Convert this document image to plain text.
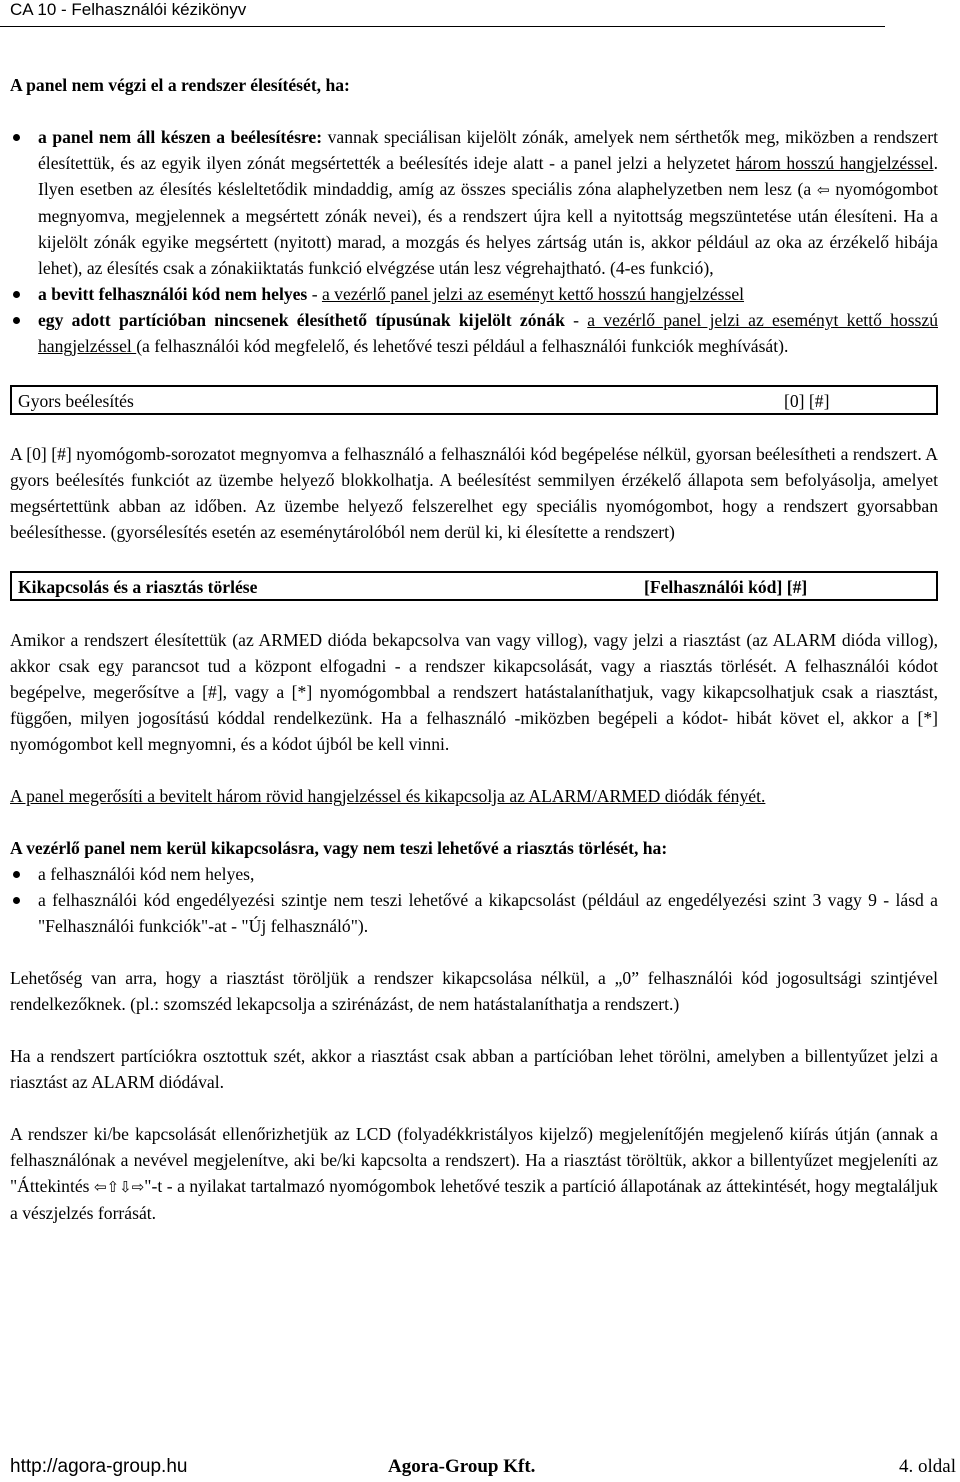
CA 10 - Felhasználói kézikönyv

A panel nem végzi el a rendszer élesítését, ha:

a panel nem áll készen a beélesítésre: vannak speciálisan kijelölt zónák, amelyek nem sérthetők meg, miközben a rendszert élesítettük, és az egyik ilyen zónát megsértették a beélesítés ideje alatt - a panel jelzi a helyzetet három hosszú hangjelzéssel. Ilyen esetben az élesítés késleltetődik mindaddig, amíg az összes speciális zóna alaphelyzetben nem lesz (a ⇦ nyomógombot megnyomva, megjelennek a megsértett zónák nevei), és a rendszert újra kell a nyitottság megszüntetése után élesíteni. Ha a kijelölt zónák egyike megsértett (nyitott) marad, a mozgás és helyes zártság után is, akkor például az oka az érzékelő hibája lehet), az élesítés csak a zónakiiktatás funkció elvégzése után lesz végrehajtható. (4-es funkció),
a bevitt felhasználói kód nem helyes - a vezérlő panel jelzi az eseményt kettő hosszú hangjelzéssel
egy adott partícióban nincsenek élesíthető típusúnak kijelölt zónák - a vezérlő panel jelzi az eseményt kettő hosszú hangjelzéssel (a felhasználói kód megfelelő, és lehetővé teszi például a felhasználói funkciók meghívását).
Gyors beélesítés	[0] [#]

A [0] [#] nyomógomb-sorozatot megnyomva a felhasználó a felhasználói kód begépelése nélkül, gyorsan beélesítheti a rendszert. A gyors beélesítés funkciót az üzembe helyező blokkolhatja. A beélesítést semmilyen érzékelő állapota sem befolyásolja, amelyet megsértettünk abban az időben. Az üzembe helyező felszerelhet egy speciális nyomógombot, hogy a rendszert gyorsabban beélesíthesse. (gyorsélesítés esetén az eseménytárolóból nem derül ki, ki élesítette a rendszert)

Kikapcsolás és a riasztás törlése	[Felhasználói kód] [#]

Amikor a rendszert élesítettük (az ARMED dióda bekapcsolva van vagy villog), vagy jelzi a riasztást (az ALARM dióda villog), akkor csak egy parancsot tud a központ elfogadni - a rendszer kikapcsolását, vagy a riasztás törlését. A felhasználói kódot begépelve, megerősítve a [#], vagy a [*] nyomógombbal a rendszert hatástalaníthatjuk, vagy kikapcsolhatjuk csak a riasztást, függően, milyen jogosítású kóddal rendelkezünk. Ha a felhasználó -miközben begépeli a kódot- hibát követ el, akkor a [*] nyomógombot kell megnyomni, és a kódot újból be kell vinni.

A panel megerősíti a bevitelt három rövid hangjelzéssel és kikapcsolja az ALARM/ARMED diódák fényét.

A vezérlő panel nem kerül kikapcsolásra, vagy nem teszi lehetővé a riasztás törlését, ha:

a felhasználói kód nem helyes,
a felhasználói kód engedélyezési szintje nem teszi lehetővé a kikapcsolást (például az engedélyezési szint 3 vagy 9 - lásd a "Felhasználói funkciók"-at - "Új felhasználó").

Lehetőség van arra, hogy a riasztást töröljük a rendszer kikapcsolása nélkül, a „0” felhasználói kód jogosultsági szintjével rendelkezőknek. (pl.: szomszéd lekapcsolja a szirénázást, de nem hatástalaníthatja a rendszert.)

Ha a rendszert partíciókra osztottuk szét, akkor a riasztást csak abban a partícióban lehet törölni, amelyben a billentyűzet jelzi a riasztást az ALARM diódával.

A rendszer ki/be kapcsolását ellenőrizhetjük az LCD (folyadékkristályos kijelző) megjelenítőjén megjelenő kiírás útján (annak a felhasználónak a nevével megjelenítve, aki be/ki kapcsolta a rendszert). Ha a riasztást töröltük, akkor a billentyűzet megjeleníti az "Áttekintés ⇦⇧⇩⇨"-t - a nyilakat tartalmazó nyomógombok lehetővé teszik a partíció állapotának az áttekintését, hogy megtaláljuk a vészjelzés forrását.

http://agora-group.hu	Agora-Group Kft.	4. oldal
